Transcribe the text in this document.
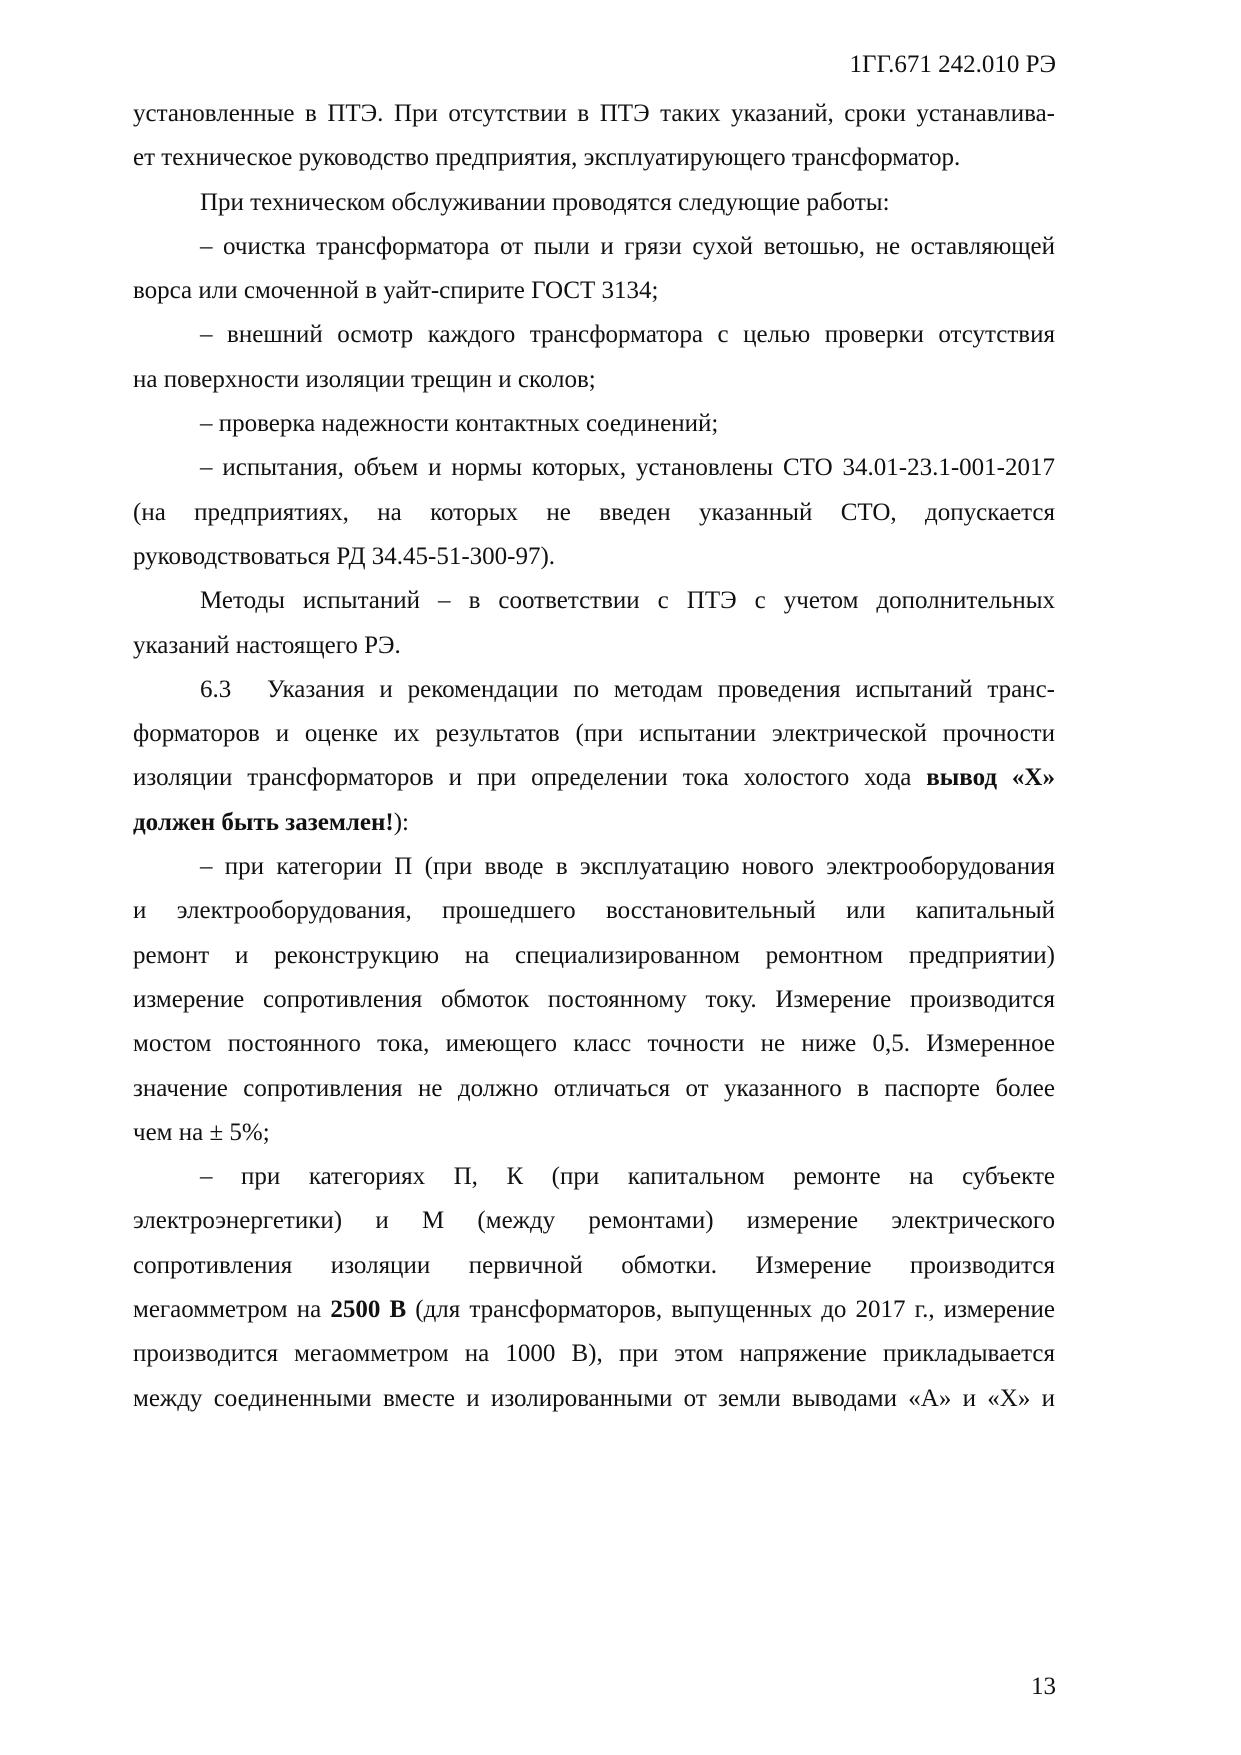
1ГГ.671 242.010 РЭ
установленные в ПТЭ. При отсутствии в ПТЭ таких указаний, сроки устанавлива-
ет техническое руководство предприятия, эксплуатирующего трансформатор.
При техническом обслуживании проводятся следующие работы:
– очистка трансформатора от пыли и грязи сухой ветошью, не оставляющей
ворса или смоченной в уайт-спирите ГОСТ 3134;
– внешний осмотр каждого трансформатора с целью проверки отсутствия
на поверхности изоляции трещин и сколов;
– проверка надежности контактных соединений;
– испытания, объем и нормы которых, установлены СТО 34.01-23.1-001-2017
(на предприятиях, на которых не введен указанный СТО, допускается
руководствоваться РД 34.45-51-300-97).
Методы испытаний – в соответствии с ПТЭ с учетом дополнительных
указаний настоящего РЭ.
6.3 Указания и рекомендации по методам проведения испытаний транс-
форматоров и оценке их результатов (при испытании электрической прочности
изоляции трансформаторов и при определении тока холостого хода вывод «Х»
должен быть заземлен!):
– при категории П (при вводе в эксплуатацию нового электрооборудования
и электрооборудования, прошедшего восстановительный или капитальный
ремонт и реконструкцию на специализированном ремонтном предприятии)
измерение сопротивления обмоток постоянному току. Измерение производится
мостом постоянного тока, имеющего класс точности не ниже 0,5. Измеренное
значение сопротивления не должно отличаться от указанного в паспорте более
чем на ± 5%;
– при категориях П, К (при капитальном ремонте на субъекте
электроэнергетики) и М (между ремонтами) измерение электрического
сопротивления изоляции первичной обмотки. Измерение производится
мегаомметром на 2500 В (для трансформаторов, выпущенных до 2017 г., измерение
производится мегаомметром на 1000 В), при этом напряжение прикладывается
между соединенными вместе и изолированными от земли выводами «А» и «Х» и
13
